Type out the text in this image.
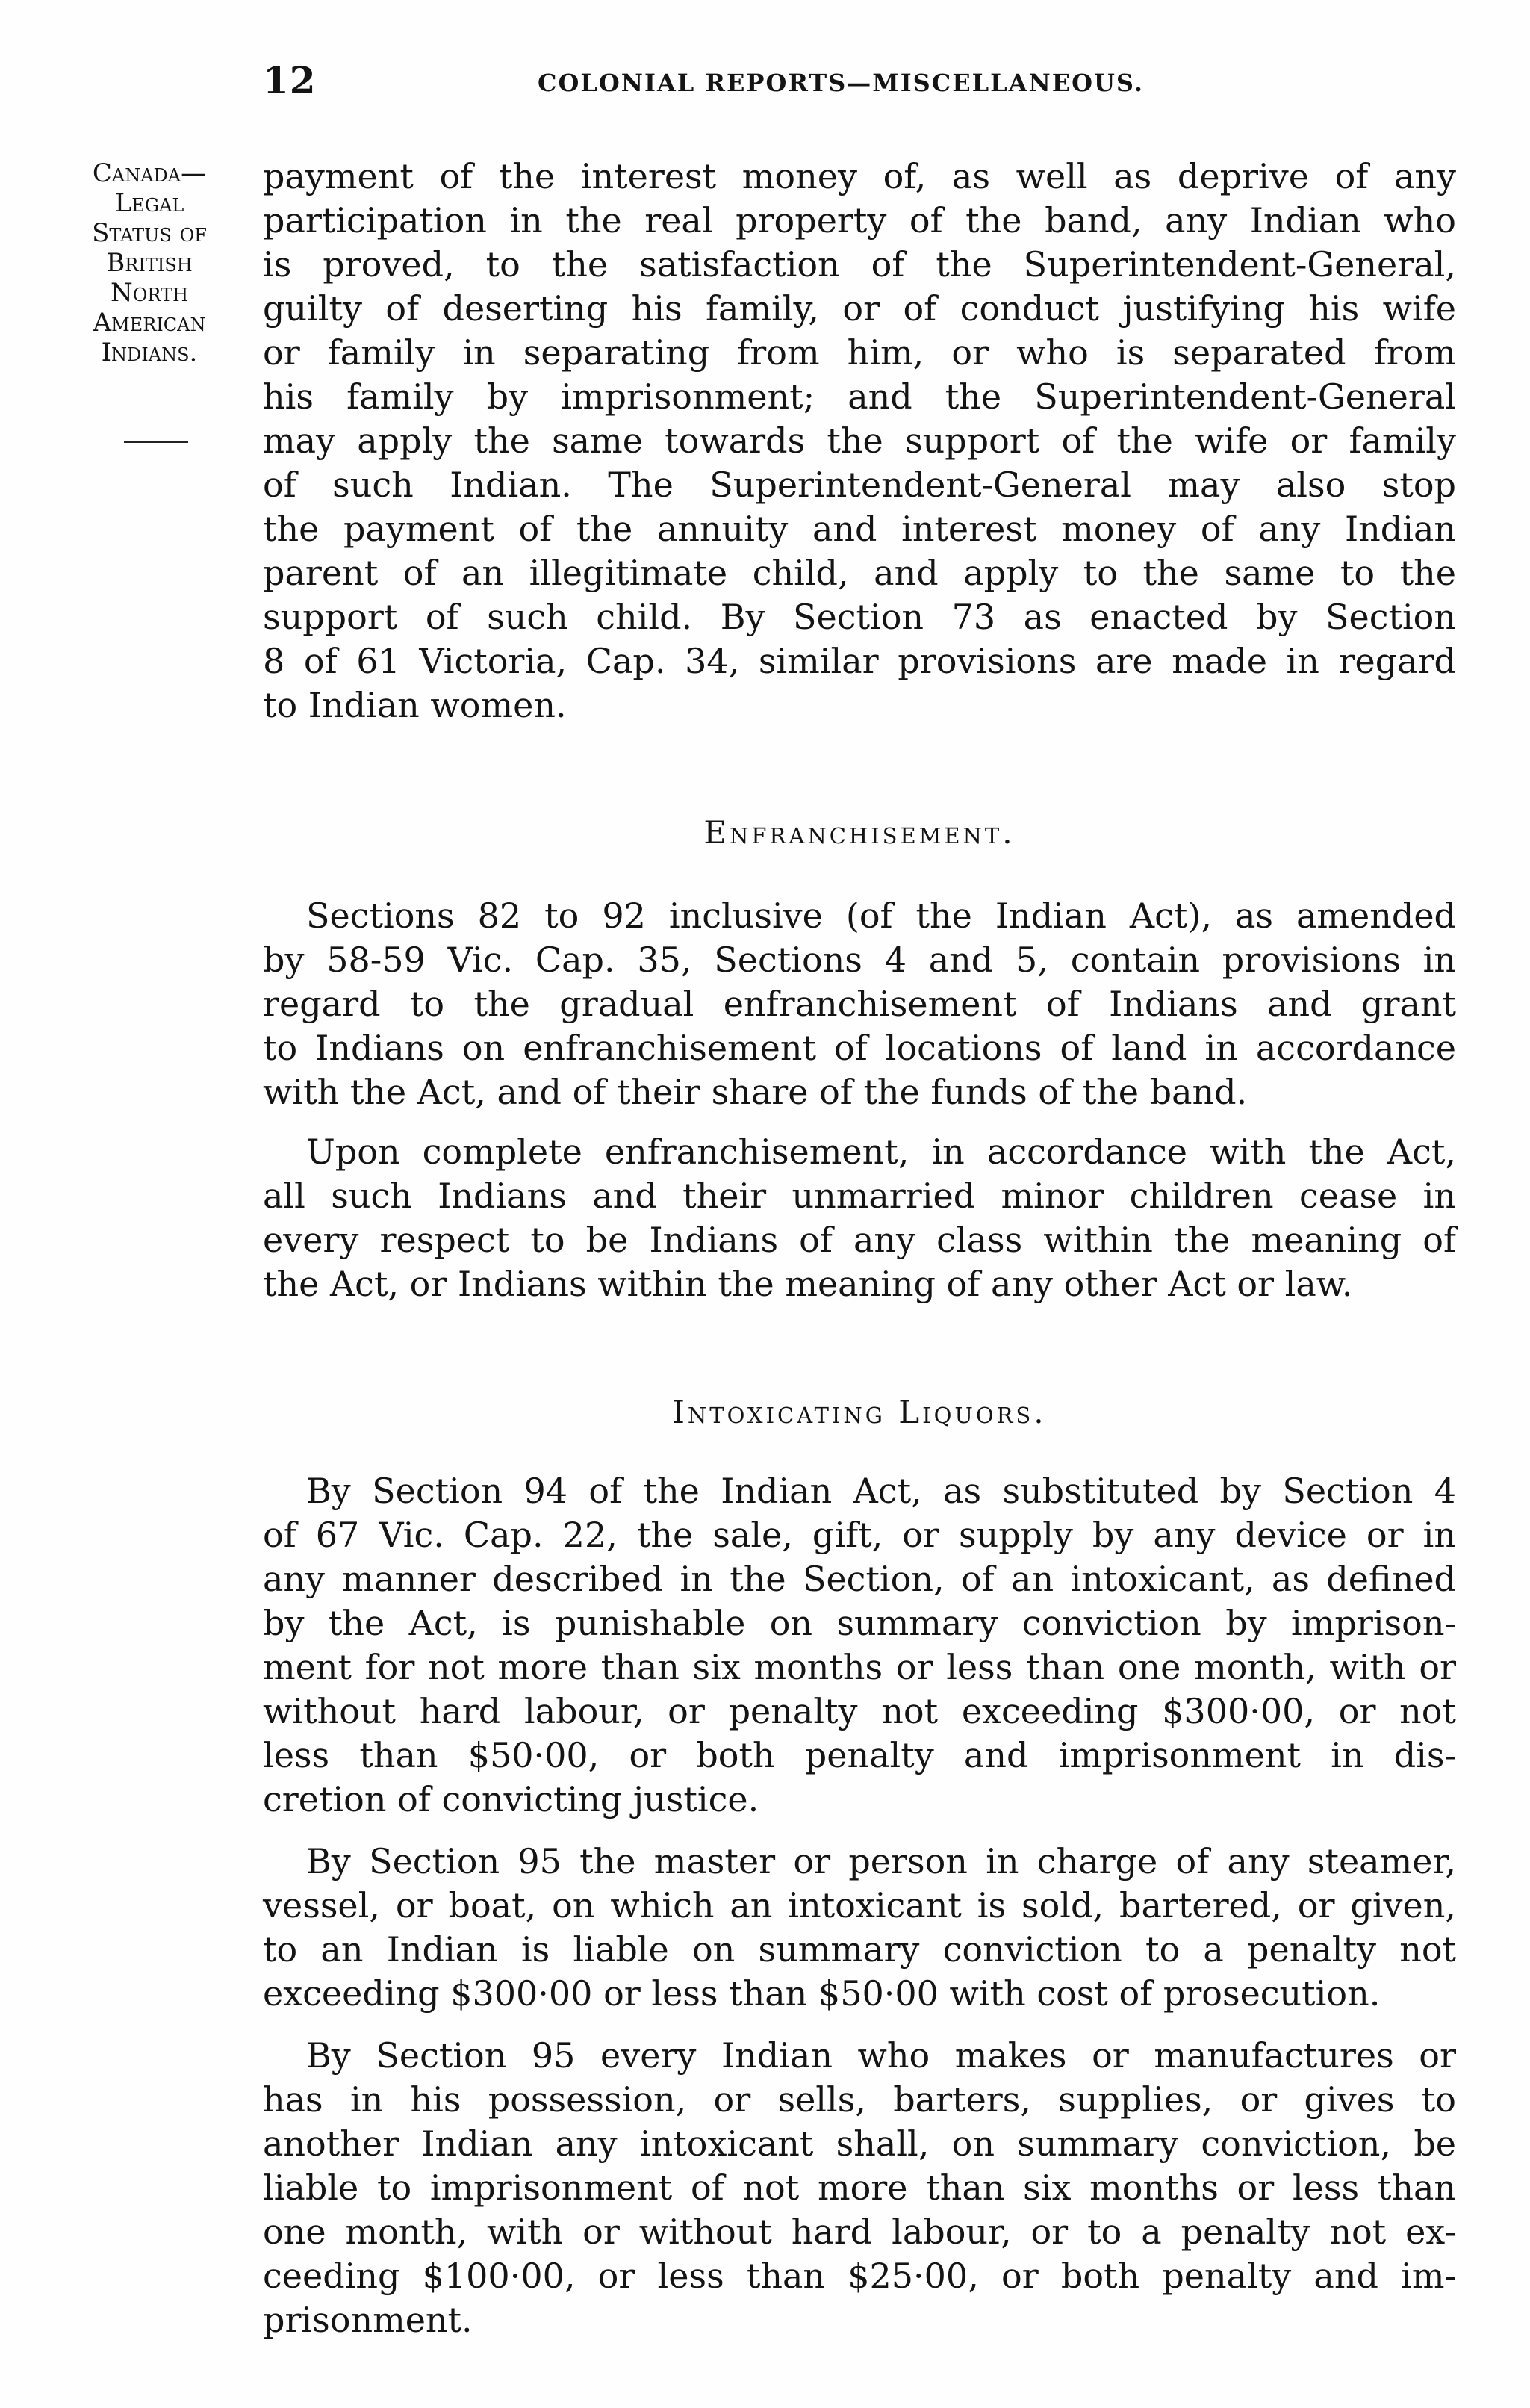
12	COLONIAL REPORTS—MISCELLANEOUS.
Canada—
Legal
Status of
British
North
American
Indians.
payment of the interest money of, as well as deprive of any
participation in the real property of the band, any Indian who
is proved, to the satisfaction of the Superintendent-General,
guilty of deserting his family, or of conduct justifying his wife
or family in separating from him, or who is separated from
his family by imprisonment; and the Superintendent-General
may apply the same towards the support of the wife or family
of such Indian. The Superintendent-General may also stop
the payment of the annuity and interest money of any Indian
parent of an illegitimate child, and apply to the same to the
support of such child. By Section 73 as enacted by Section
8 of 61 Victoria, Cap. 34, similar provisions are made in regard
to Indian women.
Enfranchisement.
Sections 82 to 92 inclusive (of the Indian Act), as amended
by 58-59 Vic. Cap. 35, Sections 4 and 5, contain provisions in
regard to the gradual enfranchisement of Indians and grant
to Indians on enfranchisement of locations of land in accordance
with the Act, and of their share of the funds of the band.
Upon complete enfranchisement, in accordance with the Act,
all such Indians and their unmarried minor children cease in
every respect to be Indians of any class within the meaning of
the Act, or Indians within the meaning of any other Act or law.
Intoxicating Liquors.
By Section 94 of the Indian Act, as substituted by Section 4
of 67 Vic. Cap. 22, the sale, gift, or supply by any device or in
any manner described in the Section, of an intoxicant, as defined
by the Act, is punishable on summary conviction by imprison-
ment for not more than six months or less than one month, with or
without hard labour, or penalty not exceeding $300·00, or not
less than $50·00, or both penalty and imprisonment in dis-
cretion of convicting justice.
By Section 95 the master or person in charge of any steamer,
vessel, or boat, on which an intoxicant is sold, bartered, or given,
to an Indian is liable on summary conviction to a penalty not
exceeding $300·00 or less than $50·00 with cost of prosecution.
By Section 95 every Indian who makes or manufactures or
has in his possession, or sells, barters, supplies, or gives to
another Indian any intoxicant shall, on summary conviction, be
liable to imprisonment of not more than six months or less than
one month, with or without hard labour, or to a penalty not ex-
ceeding $100·00, or less than $25·00, or both penalty and im-
prisonment.
